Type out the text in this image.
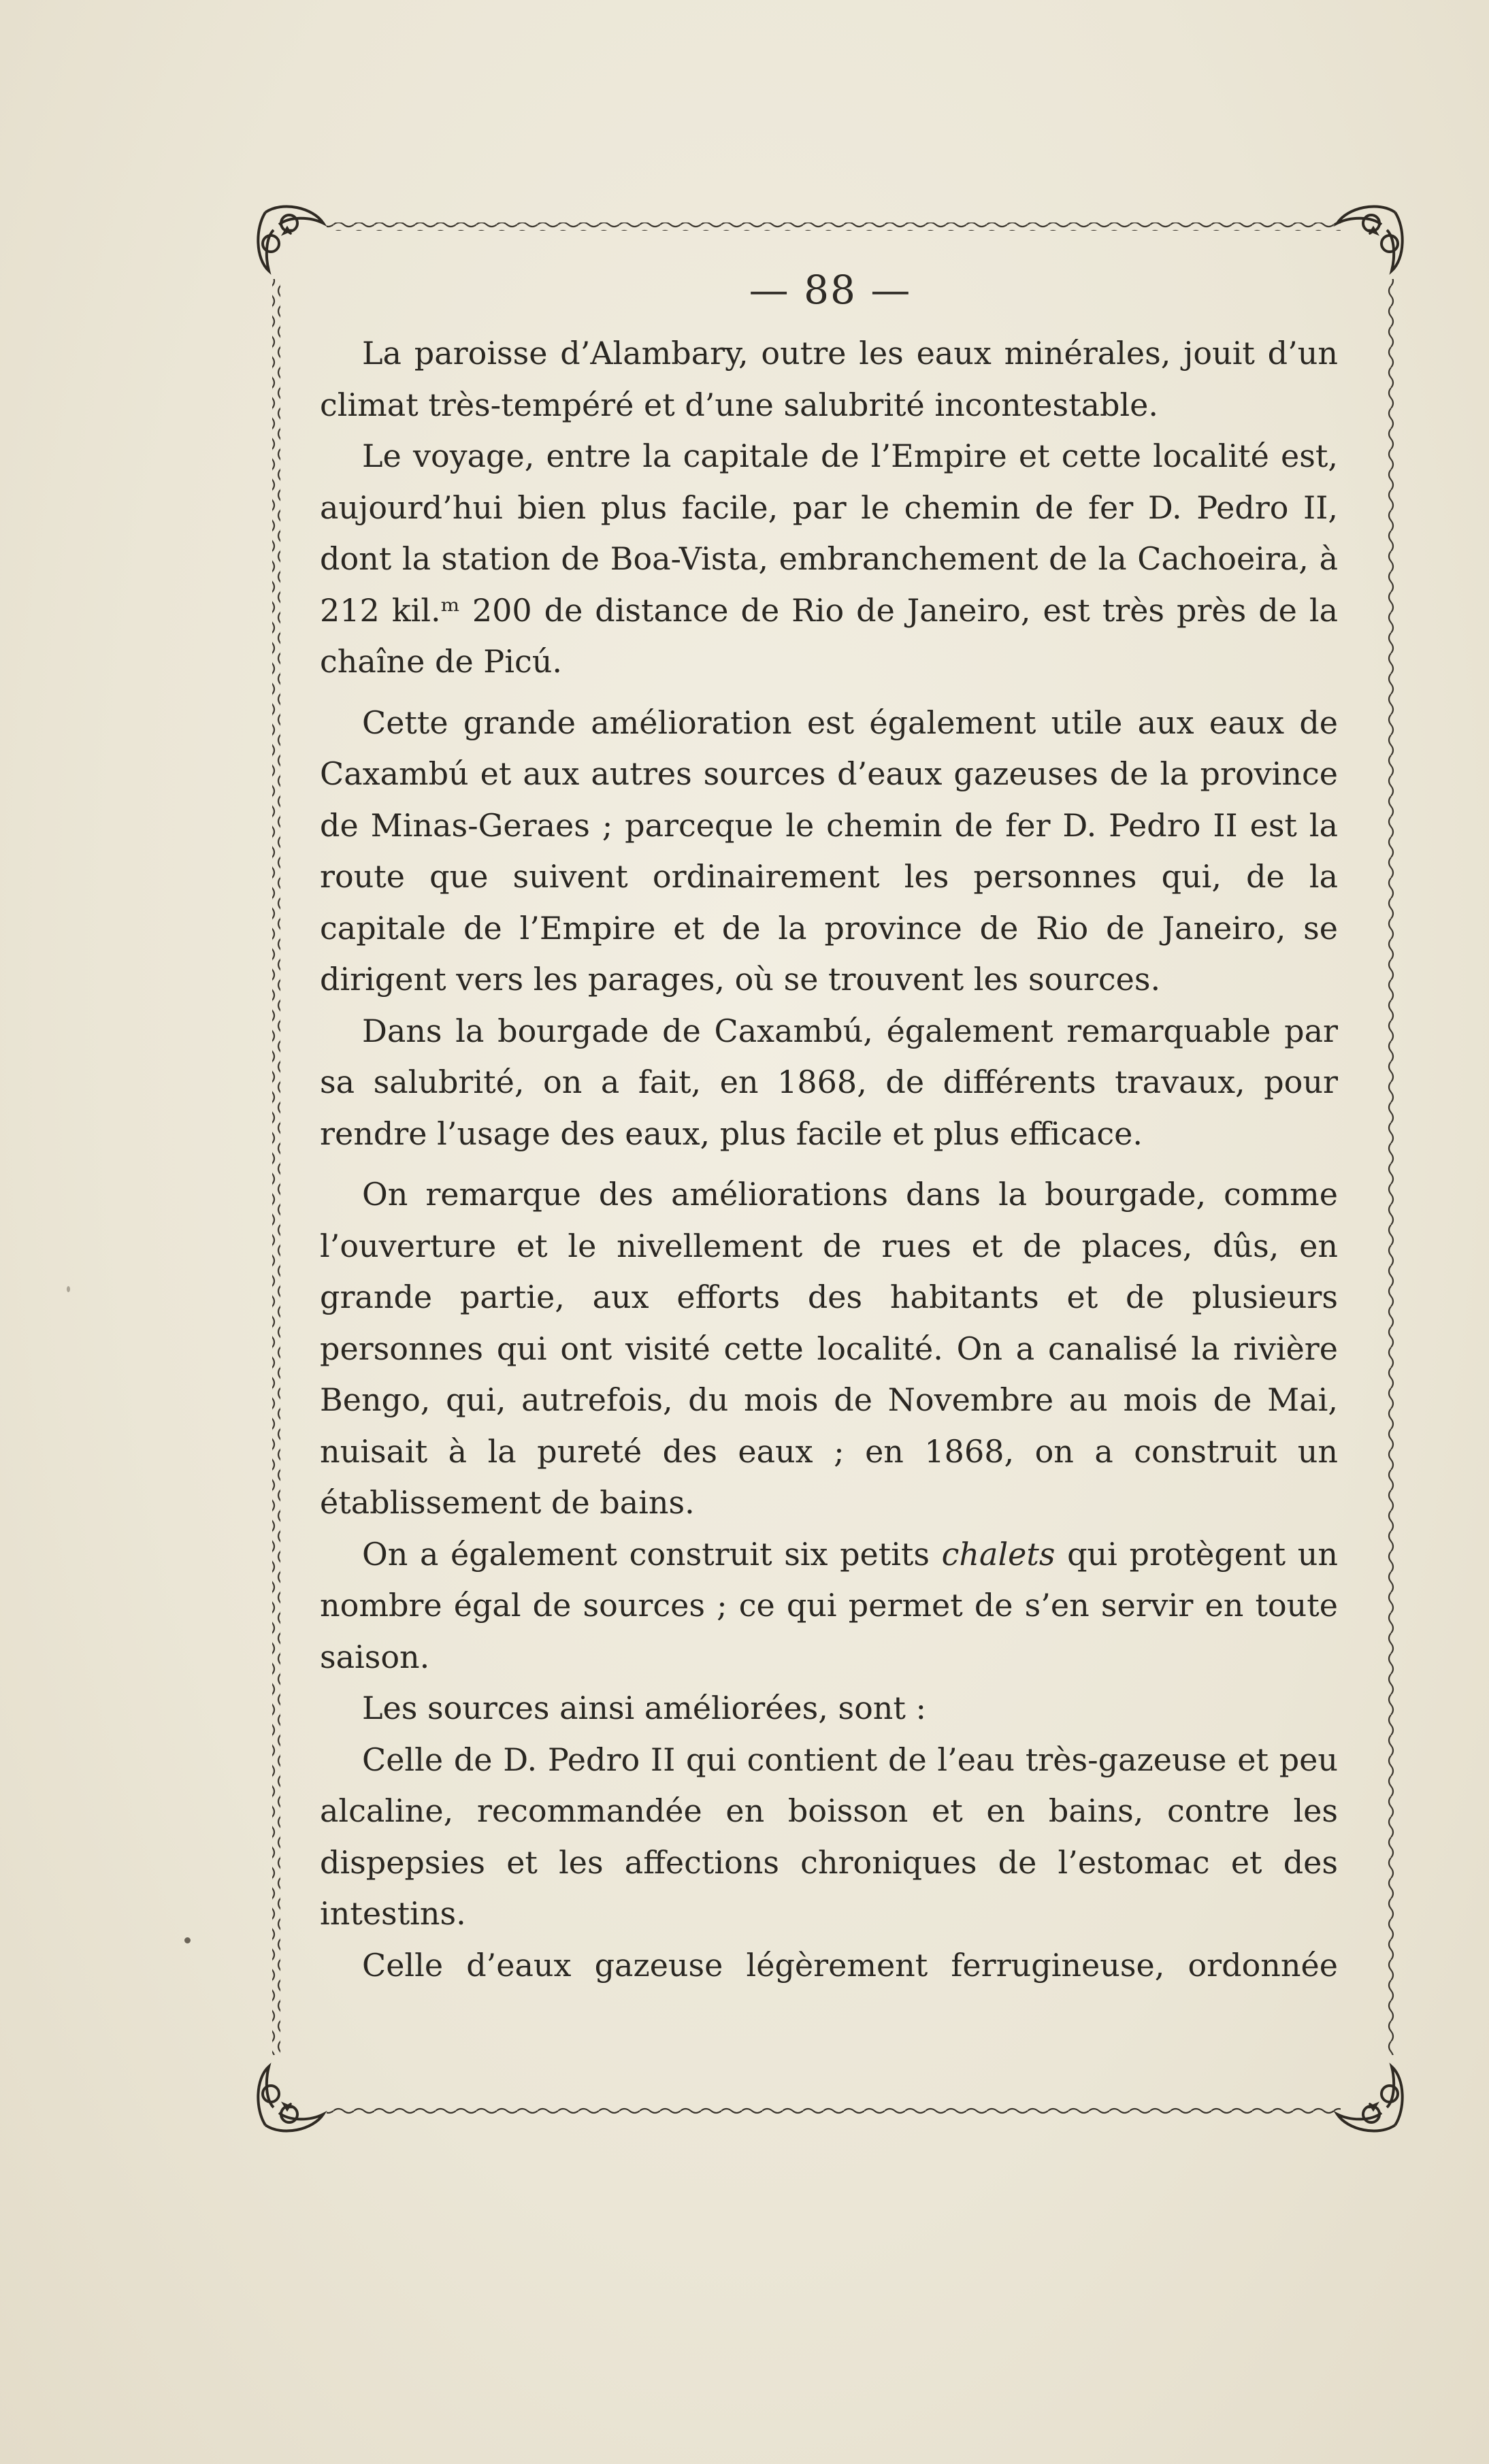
— 88 —

La paroisse d’Alambary, outre les eaux minérales, jouit d’un climat très-tempéré et d’une salubrité incontestable.

Le voyage, entre la capitale de l’Empire et cette localité est, aujourd’hui bien plus facile, par le chemin de fer D. Pedro II, dont la station de Boa-Vista, embranchement de la Cachoeira, à 212 kil.ᵐ 200 de distance de Rio de Janeiro, est très près de la chaîne de Picú.

Cette grande amélioration est également utile aux eaux de Caxambú et aux autres sources d’eaux gazeuses de la province de Minas-Geraes ; parceque le chemin de fer D. Pedro II est la route que suivent ordinairement les personnes qui, de la capitale de l’Empire et de la province de Rio de Janeiro, se dirigent vers les parages, où se trouvent les sources.

Dans la bourgade de Caxambú, également remarquable par sa salubrité, on a fait, en 1868, de différents travaux, pour rendre l’usage des eaux, plus facile et plus efficace.

On remarque des améliorations dans la bourgade, comme l’ouverture et le nivellement de rues et de places, dûs, en grande partie, aux efforts des habitants et de plusieurs personnes qui ont visité cette localité. On a canalisé la rivière Bengo, qui, autrefois, du mois de Novembre au mois de Mai, nuisait à la pureté des eaux ; en 1868, on a construit un établissement de bains.

On a également construit six petits chalets qui protègent un nombre égal de sources ; ce qui permet de s’en servir en toute saison.

Les sources ainsi améliorées, sont :

Celle de D. Pedro II qui contient de l’eau très-gazeuse et peu alcaline, recommandée en boisson et en bains, contre les dispepsies et les affections chroniques de l’estomac et des intestins.

Celle d’eaux gazeuse légèrement ferrugineuse, ordonnée
